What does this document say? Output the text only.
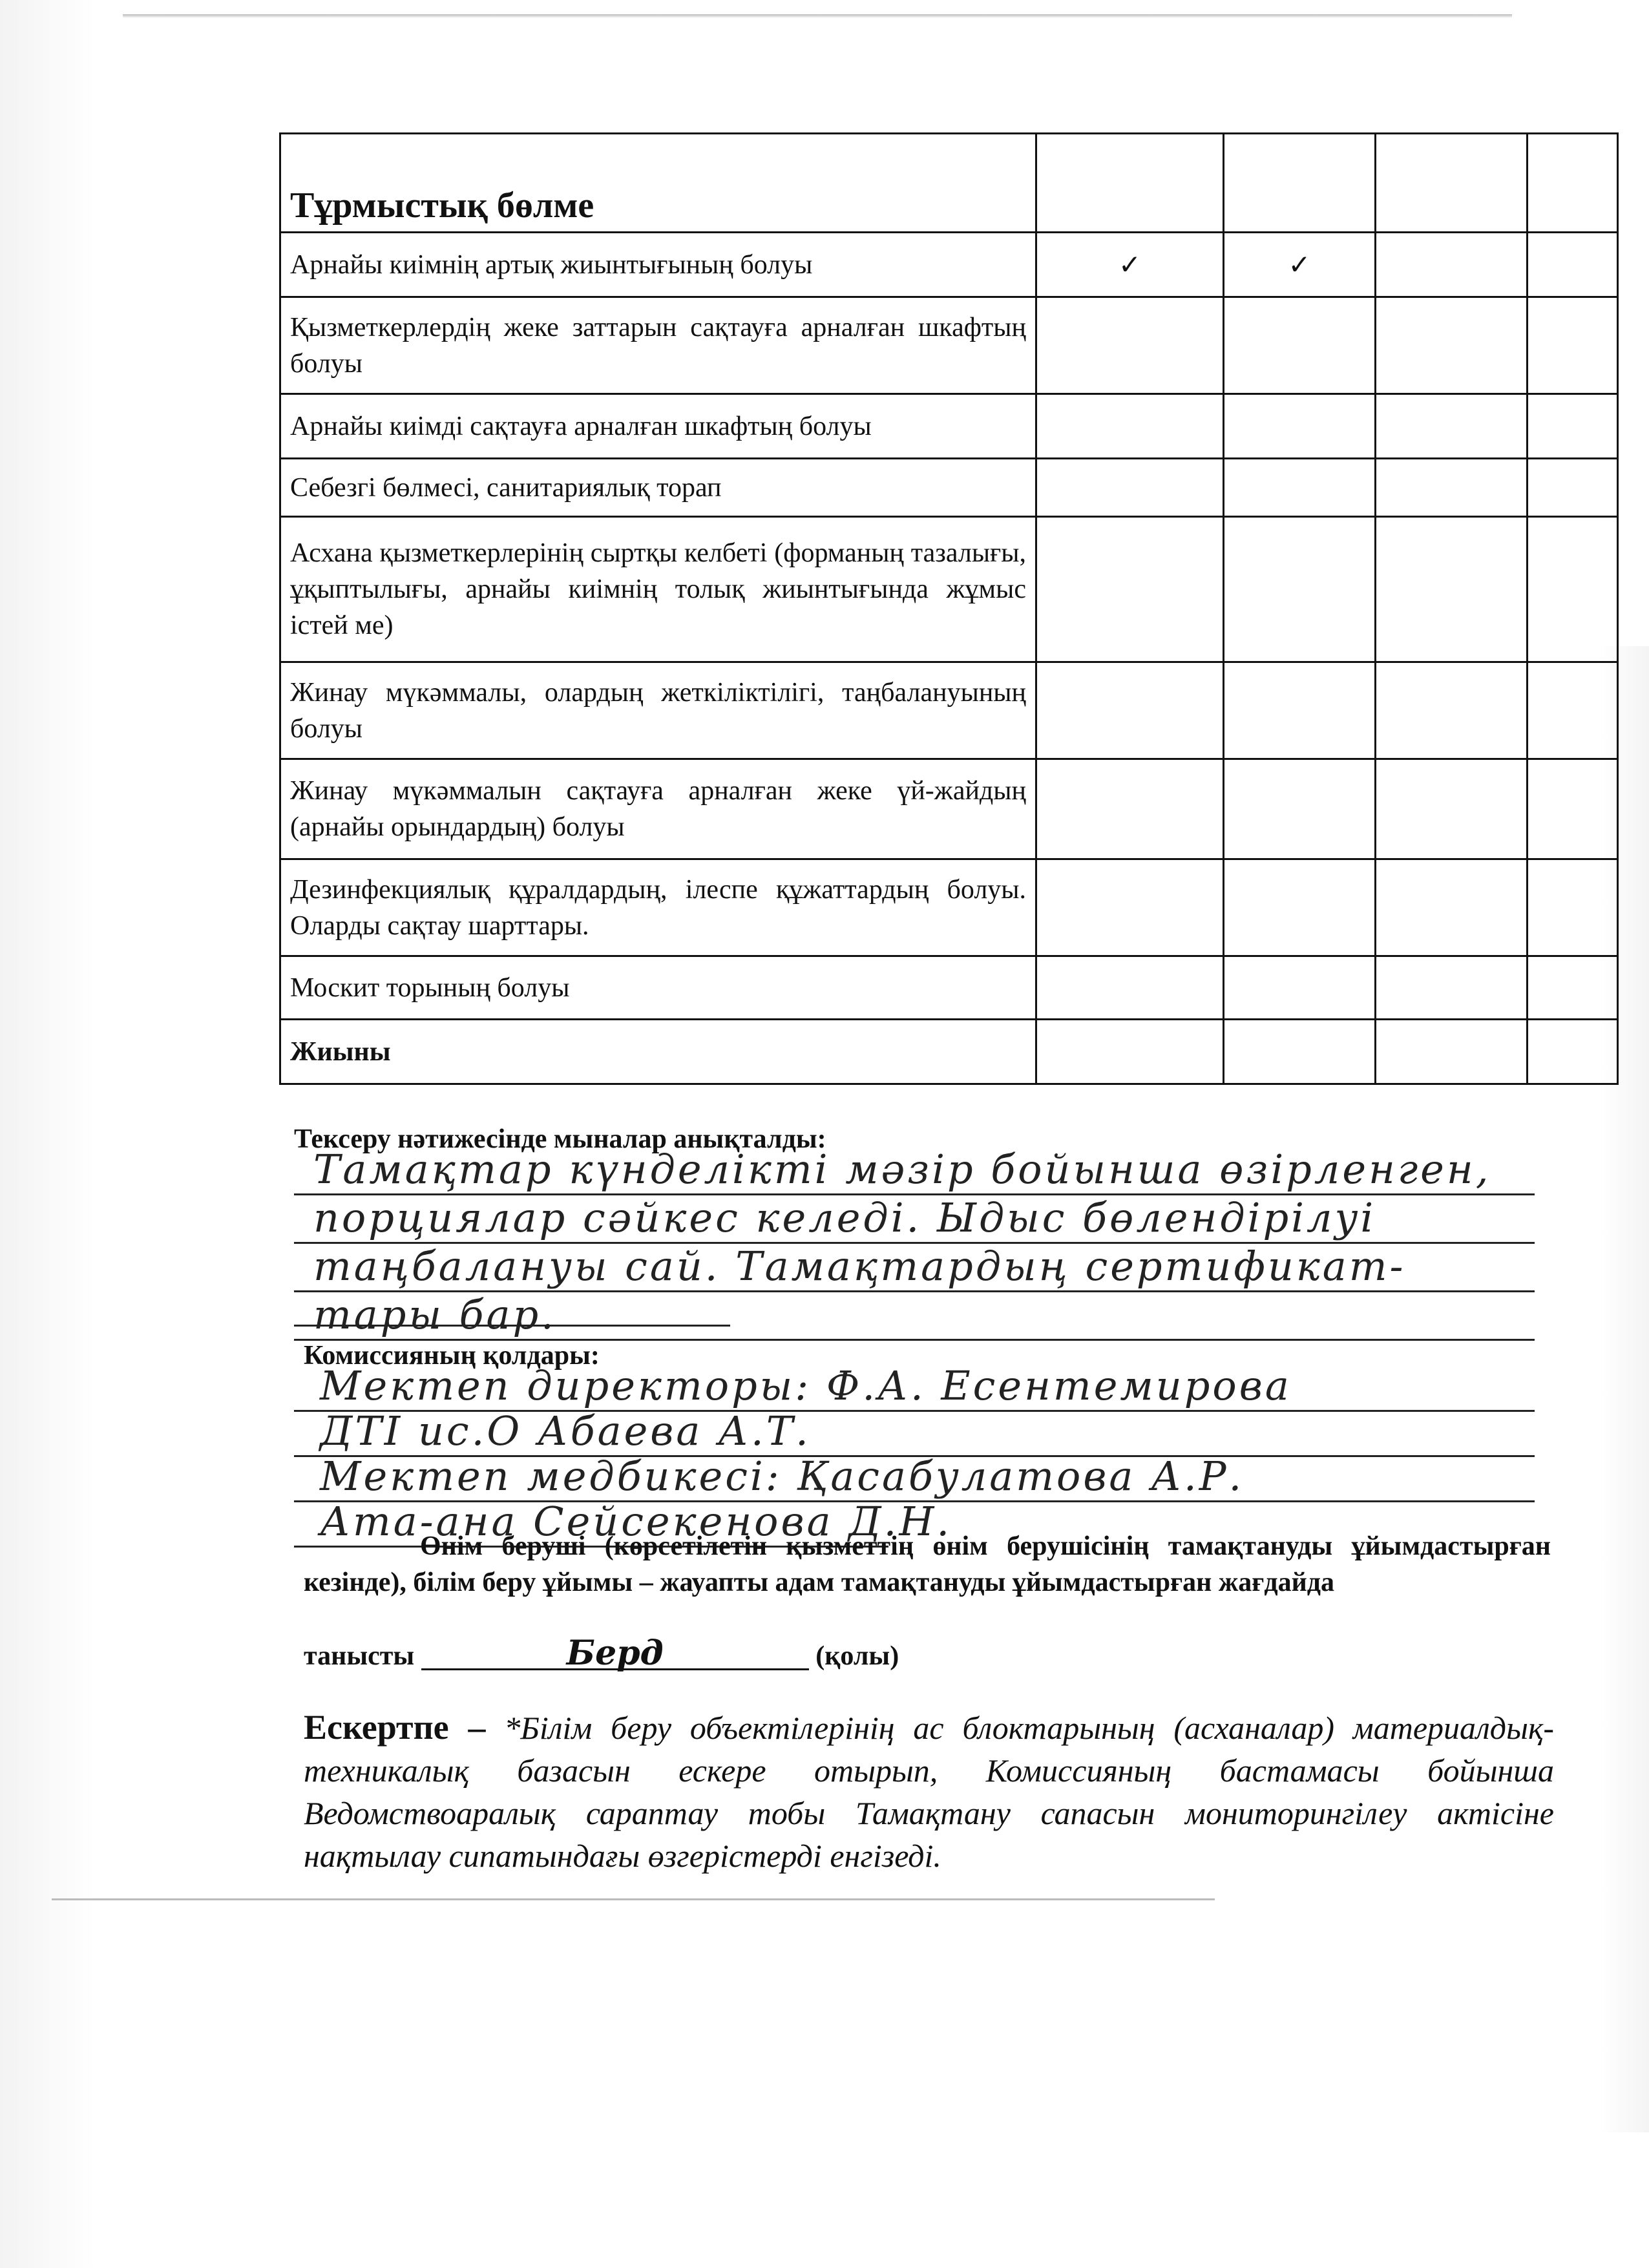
Тұрмыстық бөлме				
Арнайы киімнің артық жиынтығының болуы	✓	✓		
Қызметкерлердің жеке заттарын сақтауға арналған шкафтың болуы				
Арнайы киімді сақтауға арналған шкафтың болуы				
Себезгі бөлмесі, санитариялық торап				
Асхана қызметкерлерінің сыртқы келбеті (форманың тазалығы, ұқыптылығы, арнайы киімнің толық жиынтығында жұмыс істей ме)				
Жинау мүкәммалы, олардың жеткіліктілігі, таңбалануының болуы				
Жинау мүкәммалын сақтауға арналған жеке үй-жайдың (арнайы орындардың) болуы				
Дезинфекциялық құралдардың, ілеспе құжаттардың болуы. Оларды сақтау шарттары.				
Москит торының болуы				
Жиыны				
Тексеру нәтижесінде мыналар анықталды:
Тамақтар күнделікті мәзір бойынша өзірленген,
порциялар сәйкес келеді. Ыдыс бөлендірілуі
таңбалануы сай. Тамақтардың сертификат-
тары бар.
Комиссияның қолдары:
Мектеп директоры: Ф.А. Есентемирова
ДТІ ис.О Абаева А.Т.
Мектеп медбикесі: Қасабулатова А.Р.
Ата-ана Сейсекенова Д.Н.

Өнім беруші (көрсетілетін қызметтің өнім берушісінің тамақтануды ұйымдастырған кезінде), білім беру ұйымы – жауапты адам тамақтануды ұйымдастырған жағдайда

танысты	Берд	(қолы)
Ескертпе – *Білім беру объектілерінің ас блоктарының (асханалар) материалдық-техникалық базасын ескере отырып, Комиссияның бастамасы бойынша Ведомствоаралық сараптау тобы Тамақтану сапасын мониторингілеу актісіне нақтылау сипатындағы өзгерістерді енгізеді.
